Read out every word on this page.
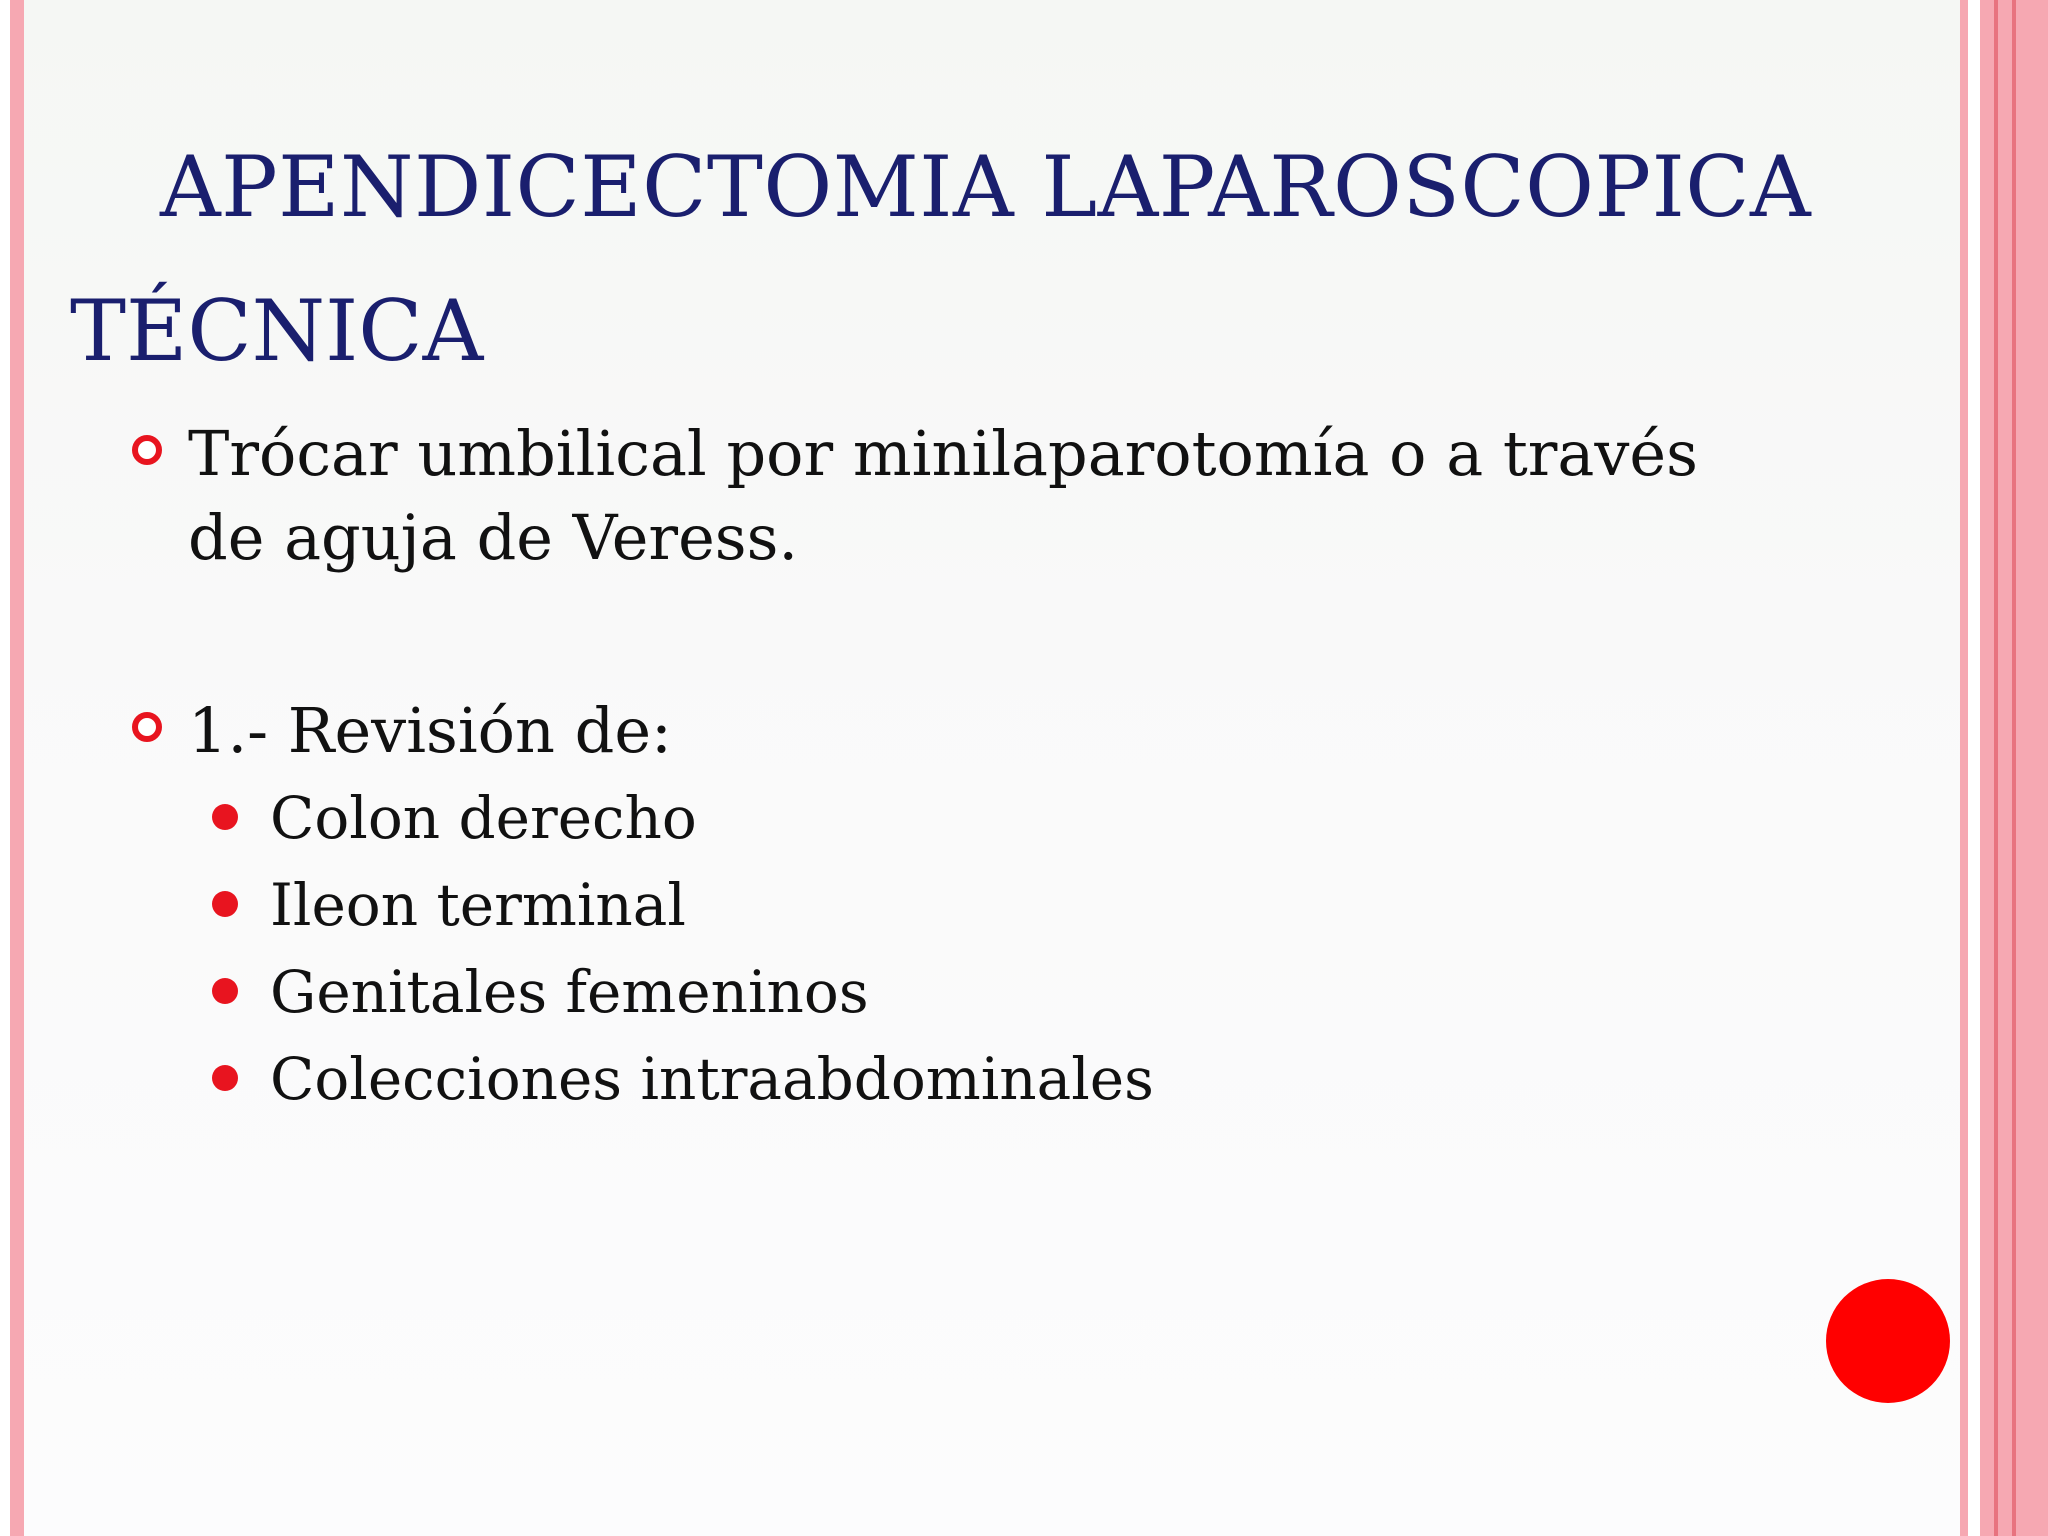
APENDICECTOMIA LAPAROSCOPICA
TÉCNICA
Trócar umbilical por minilaparotomía o a través de aguja de Veress.
1.- Revisión de:
Colon derecho
Ileon terminal
Genitales femeninos
Colecciones intraabdominales
